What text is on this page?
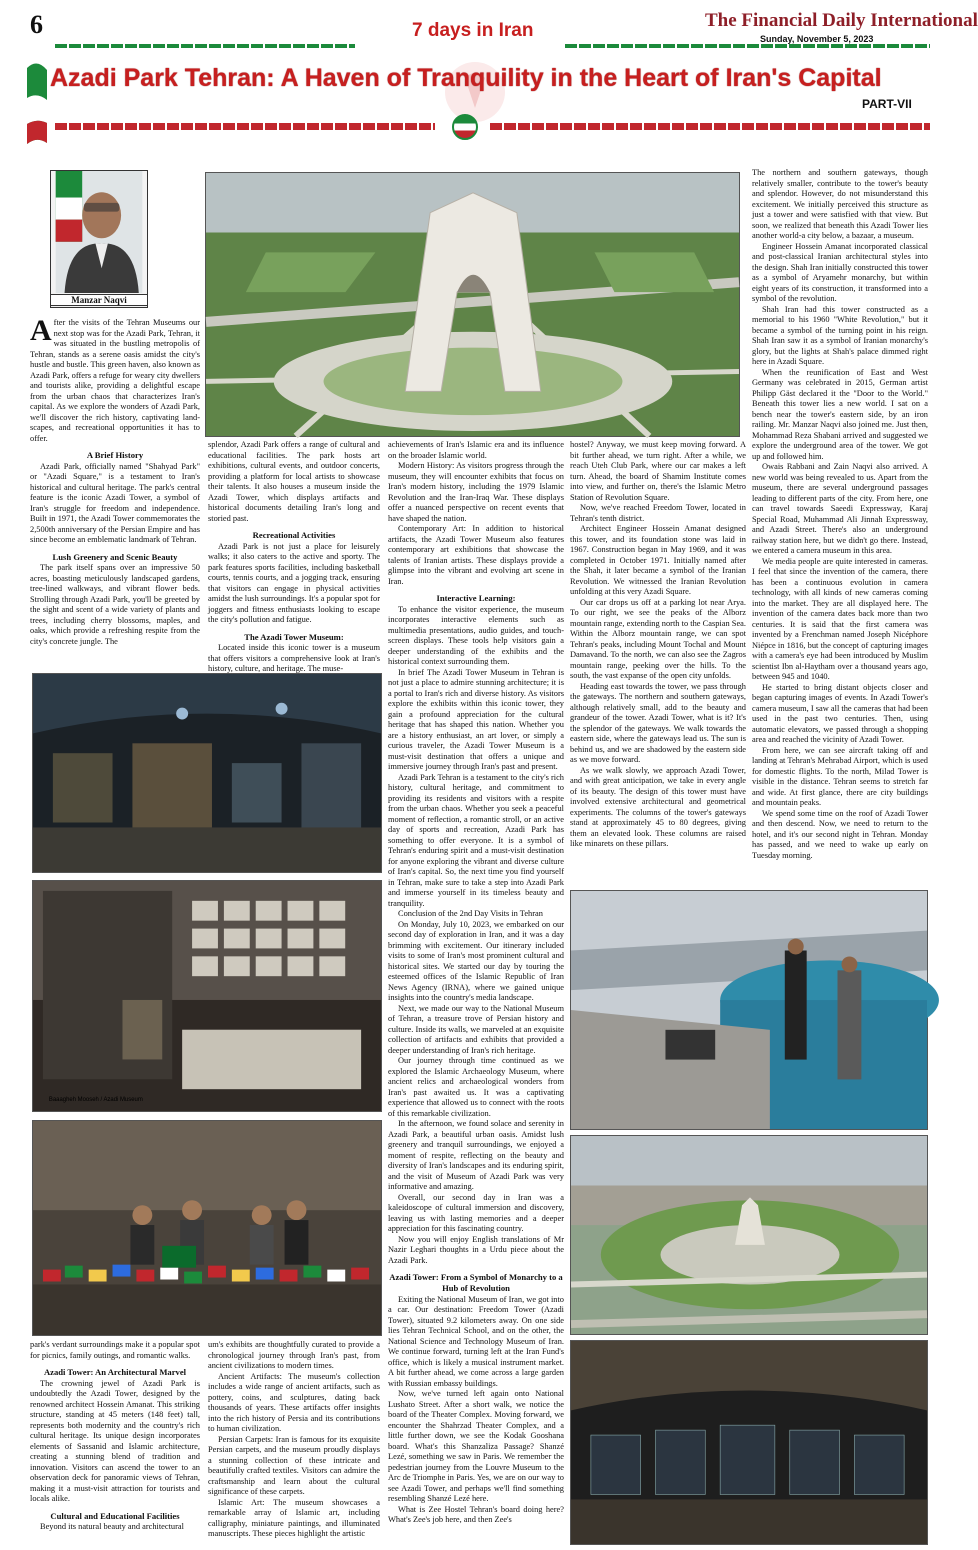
6	7 days in Iran	The Financial Daily International
Sunday, November 5, 2023
Azadi Park Tehran: A Haven of Tranquility in the Heart of Iran's Capital
PART-VII
Manzar Naqvi

After the visits of the Tehran Museums our next stop was for the Azadi Park, Tehran, it was situated in the bustling metropolis of Tehran, stands as a serene oasis amidst the city's hustle and bustle. This green haven, also known as Azadi Park, offers a refuge for weary city dwellers and tourists alike, providing a delightful escape from the urban chaos that characterizes Iran's capital. As we explore the wonders of Azadi Park, we'll discover the rich history, captivating land-scapes, and recreational opportunities it has to offer.

A Brief History

Azadi Park, officially named "Shahyad Park" or "Azadi Square," is a testament to Iran's historical and cultural heritage. The park's central feature is the iconic Azadi Tower, a symbol of Iran's struggle for freedom and independence. Built in 1971, the Azadi Tower commemorates the 2,500th anniversary of the Persian Empire and has since become an emblematic landmark of Tehran.

Lush Greenery and Scenic Beauty

The park itself spans over an impressive 50 acres, boasting meticulously landscaped gardens, tree-lined walkways, and vibrant flower beds. Strolling through Azadi Park, you'll be greeted by the sight and scent of a wide variety of plants and trees, including cherry blossoms, maples, and oaks, which provide a refreshing respite from the city's concrete jungle. The

splendor, Azadi Park offers a range of cultural and educational facilities. The park hosts art exhibitions, cultural events, and outdoor concerts, providing a platform for local artists to showcase their talents. It also houses a museum inside the Azadi Tower, which displays artifacts and historical documents detailing Iran's long and storied past.

Recreational Activities

Azadi Park is not just a place for leisurely walks; it also caters to the active and sporty. The park features sports facilities, including basketball courts, tennis courts, and a jogging track, ensuring that visitors can engage in physical activities amidst the lush surroundings. It's a popular spot for joggers and fitness enthusiasts looking to escape the city's pollution and fatigue.

The Azadi Tower Museum:

Located inside this iconic tower is a museum that offers visitors a comprehensive look at Iran's history, culture, and heritage. The muse-

achievements of Iran's Islamic era and its influence on the broader Islamic world.

Modern History: As visitors progress through the museum, they will encounter exhibits that focus on Iran's modern history, including the 1979 Islamic Revolution and the Iran-Iraq War. These displays offer a nuanced perspective on recent events that have shaped the nation.

Contemporary Art: In addition to historical artifacts, the Azadi Tower Museum also features contemporary art exhibitions that showcase the talents of Iranian artists. These displays provide a glimpse into the vibrant and evolving art scene in Iran.

Interactive Learning:

To enhance the visitor experience, the museum incorporates interactive elements such as multimedia presentations, audio guides, and touch-screen displays. These tools help visitors gain a deeper understanding of the exhibits and the historical context surrounding them.

In brief The Azadi Tower Museum in Tehran is not just a place to admire stunning architecture; it is a portal to Iran's rich and diverse history. As visitors explore the exhibits within this iconic tower, they gain a profound appreciation for the cultural heritage that has shaped this nation. Whether you are a history enthusiast, an art lover, or simply a curious traveler, the Azadi Tower Museum is a must-visit destination that offers a unique and immersive journey through Iran's past and present.

Azadi Park Tehran is a testament to the city's rich history, cultural heritage, and commitment to providing its residents and visitors with a respite from the urban chaos. Whether you seek a peaceful moment of reflection, a romantic stroll, or an active day of sports and recreation, Azadi Park has something to offer everyone. It is a symbol of Tehran's enduring spirit and a must-visit destination for anyone exploring the vibrant and diverse culture of Iran's capital. So, the next time you find yourself in Tehran, make sure to take a step into Azadi Park and immerse yourself in its timeless beauty and tranquility.

Conclusion of the 2nd Day Visits in Tehran

On Monday, July 10, 2023, we embarked on our second day of exploration in Iran, and it was a day brimming with excitement. Our itinerary included visits to some of Iran's most prominent cultural and historical sites. We started our day by touring the esteemed offices of the Islamic Republic of Iran News Agency (IRNA), where we gained unique insights into the country's media landscape.

Next, we made our way to the National Museum of Tehran, a treasure trove of Persian history and culture. Inside its walls, we marveled at an exquisite collection of artifacts and exhibits that provided a deeper understanding of Iran's rich heritage.

Our journey through time continued as we explored the Islamic Archaeology Museum, where ancient relics and archaeological wonders from Iran's past awaited us. It was a captivating experience that allowed us to connect with the roots of this remarkable civilization.

In the afternoon, we found solace and serenity in Azadi Park, a beautiful urban oasis. Amidst lush greenery and tranquil surroundings, we enjoyed a moment of respite, reflecting on the beauty and diversity of Iran's landscapes and its enduring spirit, and the visit of Museum of Azadi Park was very informative and amazing.

Overall, our second day in Iran was a kaleidoscope of cultural immersion and discovery, leaving us with lasting memories and a deeper appreciation for this fascinating country.

Now you will enjoy English translations of Mr Nazir Leghari thoughts in a Urdu piece about the Azadi Park.

Azadi Tower: From a Symbol of Monarchy to a Hub of Revolution

Exiting the National Museum of Iran, we got into a car. Our destination: Freedom Tower (Azadi Tower), situated 9.2 kilometers away. On one side lies Tehran Technical School, and on the other, the National Science and Technology Museum of Iran. We continue forward, turning left at the Iran Fund's office, which is likely a musical instrument market. A bit further ahead, we come across a large garden with Russian embassy buildings.

Now, we've turned left again onto National Lushato Street. After a short walk, we notice the board of the Theater Complex. Moving forward, we encounter the Shahrzad Theater Complex, and a little further down, we see the Kodak Gooshana board. What's this Shanzaliza Passage? Shanzé Lezé, something we saw in Paris. We remember the pedestrian journey from the Louvre Museum to the Arc de Triomphe in Paris. Yes, we are on our way to see Azadi Tower, and perhaps we'll find something resembling Shanzé Lezé here.

What is Zee Hostel Tehran's board doing here? What's Zee's job here, and then Zee's

hostel? Anyway, we must keep moving forward. A bit further ahead, we turn right. After a while, we reach Uteh Club Park, where our car makes a left turn. Ahead, the board of Shamim Institute comes into view, and further on, there's the Islamic Metro Station of Revolution Square.

Now, we've reached Freedom Tower, located in Tehran's tenth district.

Architect Engineer Hossein Amanat designed this tower, and its foundation stone was laid in 1967. Construction began in May 1969, and it was completed in October 1971. Initially named after the Shah, it later became a symbol of the Iranian Revolution. We witnessed the Iranian Revolution unfolding at this very Azadi Square.

Our car drops us off at a parking lot near Arya. To our right, we see the peaks of the Alborz mountain range, extending north to the Caspian Sea. Within the Alborz mountain range, we can spot Tehran's peaks, including Mount Tochal and Mount Damavand. To the north, we can also see the Zagros mountain range, peeking over the hills. To the south, the vast expanse of the open city unfolds.

Heading east towards the tower, we pass through the gateways. The northern and southern gateways, although relatively small, add to the beauty and grandeur of the tower. Azadi Tower, what is it? It's the splendor of the gateways. We walk towards the eastern side, where the gateways lead us. The sun is behind us, and we are shadowed by the eastern side as we move forward.

As we walk slowly, we approach Azadi Tower, and with great anticipation, we take in every angle of its beauty. The design of this tower must have involved extensive architectural and geometrical experiments. The columns of the tower's gateways stand at approximately 45 to 80 degrees, giving them an elevated look. These columns are raised like minarets on these pillars.

The northern and southern gateways, though relatively smaller, contribute to the tower's beauty and splendor. However, do not misunderstand this excitement. We initially perceived this structure as just a tower and were satisfied with that view. But soon, we realized that beneath this Azadi Tower lies another world-a city below, a bazaar, a museum.

Engineer Hossein Amanat incorporated classical and post-classical Iranian architectural styles into the design. Shah Iran initially constructed this tower as a symbol of Aryamehr monarchy, but within eight years of its construction, it transformed into a symbol of the revolution.

Shah Iran had this tower constructed as a memorial to his 1960 "White Revolution," but it became a symbol of the turning point in his reign. Shah Iran saw it as a symbol of Iranian monarchy's glory, but the lights at Shah's palace dimmed right here in Azadi Square.

When the reunification of East and West Germany was celebrated in 2015, German artist Philipp Gäst declared it the "Door to the World." Beneath this tower lies a new world. I sat on a bench near the tower's eastern side, by an iron railing. Mr. Manzar Naqvi also joined me. Just then, Mohammad Reza Shabani arrived and suggested we explore the underground area of the tower. We got up and followed him.

Owais Rabbani and Zain Naqvi also arrived. A new world was being revealed to us. Apart from the museum, there are several underground passages leading to different parts of the city. From here, one can travel towards Saeedi Expressway, Karaj Special Road, Muhammad Ali Jinnah Expressway, and Azadi Street. There's also an underground railway station here, but we didn't go there. Instead, we entered a camera museum in this area.

We media people are quite interested in cameras. I feel that since the invention of the camera, there has been a continuous evolution in camera technology, with all kinds of new cameras coming into the market. They are all displayed here. The invention of the camera dates back more than two centuries. It is said that the first camera was invented by a Frenchman named Joseph Nicéphore Niépce in 1816, but the concept of capturing images with a camera's eye had been introduced by Muslim scientist Ibn al-Haytham over a thousand years ago, between 945 and 1040.

He started to bring distant objects closer and began capturing images of events. In Azadi Tower's camera museum, I saw all the cameras that had been used in the past two centuries. Then, using automatic elevators, we passed through a shopping area and reached the vicinity of Azadi Tower.

From here, we can see aircraft taking off and landing at Tehran's Mehrabad Airport, which is used for domestic flights. To the north, Milad Tower is visible in the distance. Tehran seems to stretch far and wide. At first glance, there are city buildings and mountain peaks.

We spend some time on the roof of Azadi Tower and then descend. Now, we need to return to the hotel, and it's our second night in Tehran. Monday has passed, and we need to wake up early on Tuesday morning.

Baaagheh Mooseh / Azadi Museum

park's verdant surroundings make it a popular spot for picnics, family outings, and romantic walks.

Azadi Tower: An Architectural Marvel

The crowning jewel of Azadi Park is undoubtedly the Azadi Tower, designed by the renowned architect Hossein Amanat. This striking structure, standing at 45 meters (148 feet) tall, represents both modernity and the country's rich cultural heritage. Its unique design incorporates elements of Sassanid and Islamic architecture, creating a stunning blend of tradition and innovation. Visitors can ascend the tower to an observation deck for panoramic views of Tehran, making it a must-visit attraction for tourists and locals alike.

Cultural and Educational Facilities

Beyond its natural beauty and architectural

um's exhibits are thoughtfully curated to provide a chronological journey through Iran's past, from ancient civilizations to modern times.

Ancient Artifacts: The museum's collection includes a wide range of ancient artifacts, such as pottery, coins, and sculptures, dating back thousands of years. These artifacts offer insights into the rich history of Persia and its contributions to human civilization.

Persian Carpets: Iran is famous for its exquisite Persian carpets, and the museum proudly displays a stunning collection of these intricate and beautifully crafted textiles. Visitors can admire the craftsmanship and learn about the cultural significance of these carpets.

Islamic Art: The museum showcases a remarkable array of Islamic art, including calligraphy, miniature paintings, and illuminated manuscripts. These pieces highlight the artistic
